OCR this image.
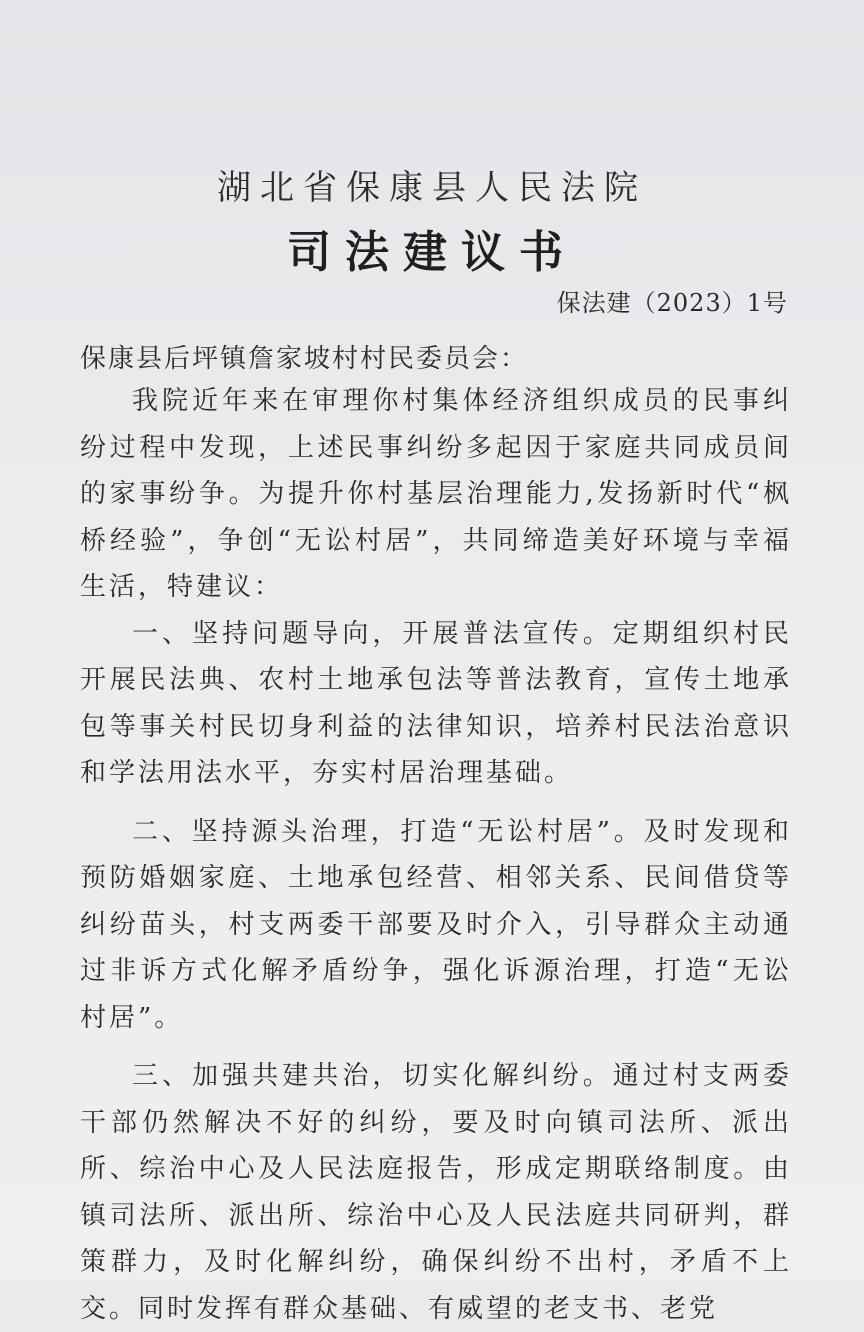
湖北省保康县人民法院
司法建议书
保法建（2023）1号
保康县后坪镇詹家坡村村民委员会：

我院近年来在审理你村集体经济组织成员的民事纠纷过程中发现，上述民事纠纷多起因于家庭共同成员间的家事纷争。为提升你村基层治理能力,发扬新时代“枫桥经验”，争创“无讼村居”，共同缔造美好环境与幸福生活，特建议：

一、坚持问题导向，开展普法宣传。定期组织村民开展民法典、农村土地承包法等普法教育，宣传土地承包等事关村民切身利益的法律知识，培养村民法治意识和学法用法水平，夯实村居治理基础。

二、坚持源头治理，打造“无讼村居”。及时发现和预防婚姻家庭、土地承包经营、相邻关系、民间借贷等纠纷苗头，村支两委干部要及时介入，引导群众主动通过非诉方式化解矛盾纷争，强化诉源治理，打造“无讼村居”。

三、加强共建共治，切实化解纠纷。通过村支两委干部仍然解决不好的纠纷，要及时向镇司法所、派出所、综治中心及人民法庭报告，形成定期联络制度。由镇司法所、派出所、综治中心及人民法庭共同研判，群策群力，及时化解纠纷，确保纠纷不出村，矛盾不上交。同时发挥有群众基础、有威望的老支书、老党
